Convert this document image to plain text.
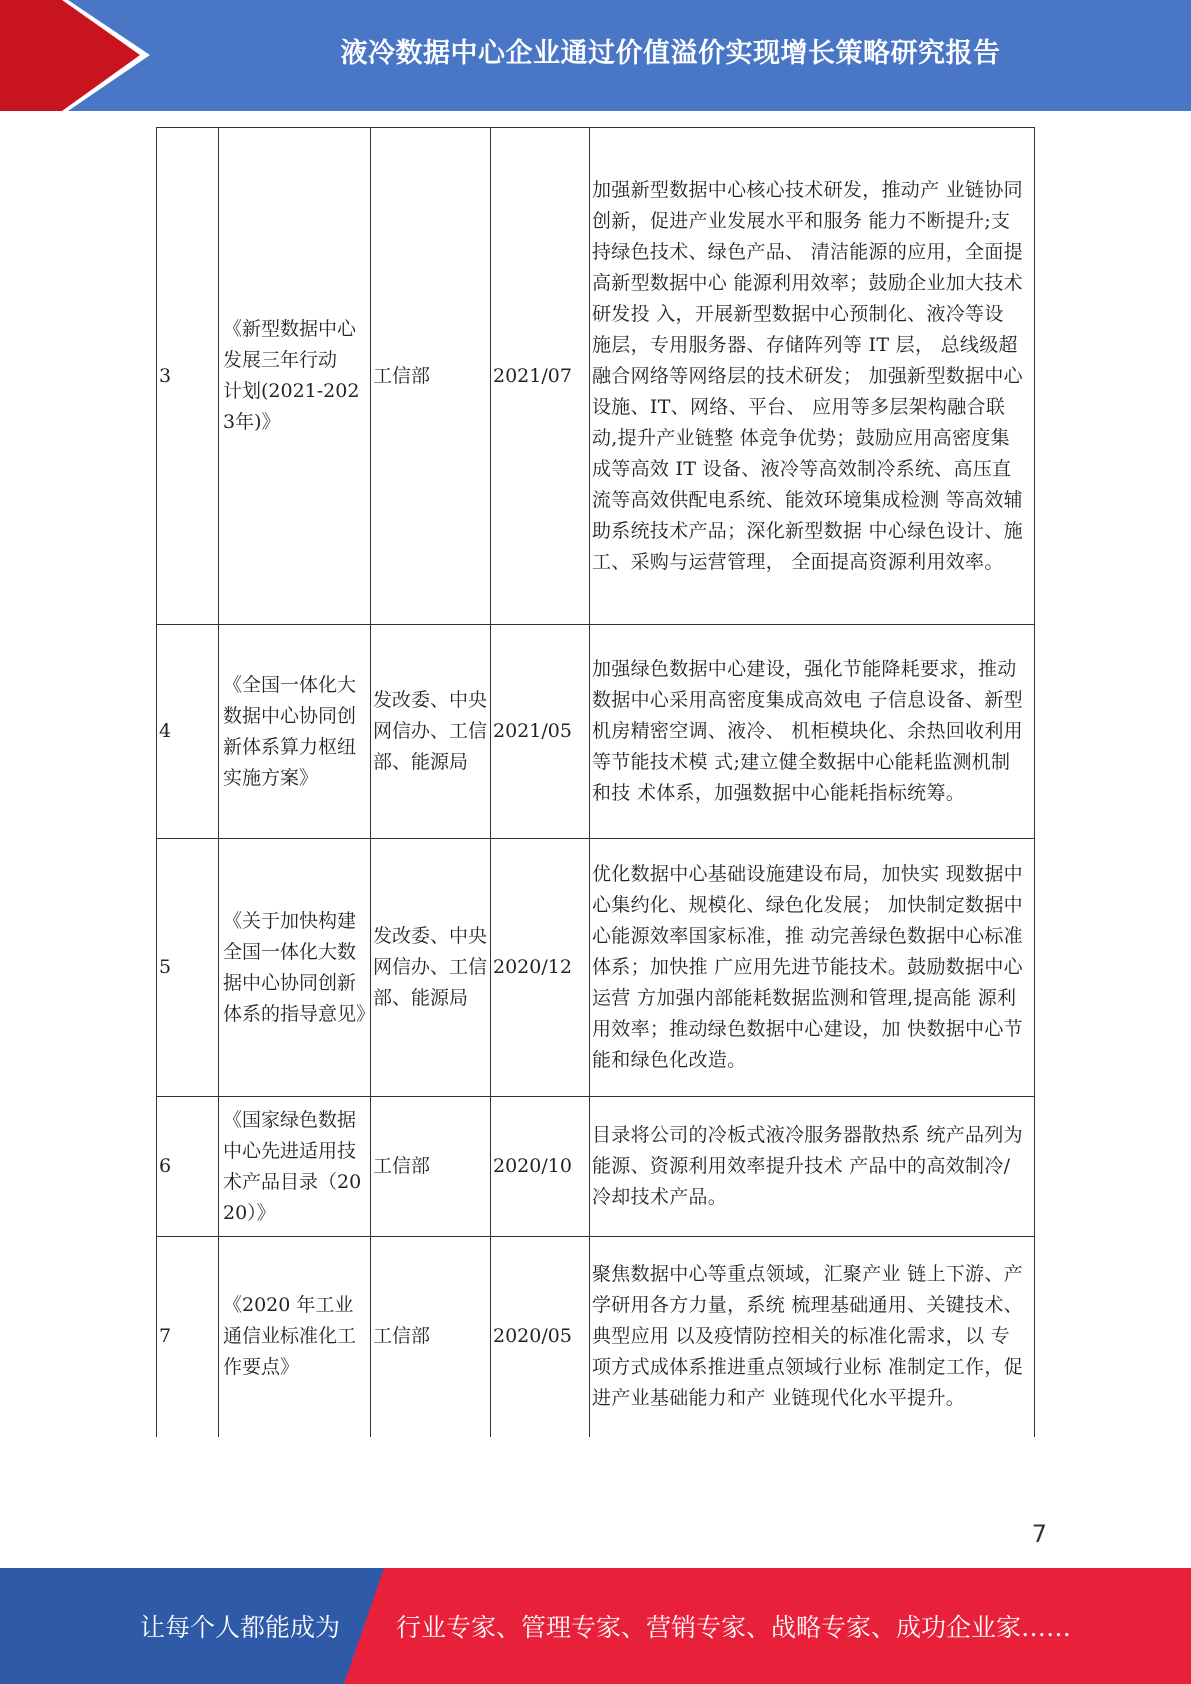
液冷数据中心企业通过价值溢价实现增长策略研究报告
3	《新型数据中心发展三年行动　计划(2021-2023年)》	工信部	2021/07	加强新型数据中心核心技术研发，推动产 业链协同创新，促进产业发展水平和服务 能力不断提升;支持绿色技术、绿色产品、 清洁能源的应用，全面提高新型数据中心 能源利用效率；鼓励企业加大技术研发投 入，开展新型数据中心预制化、液冷等设 施层，专用服务器、存储阵列等 IT 层， 总线级超融合网络等网络层的技术研发； 加强新型数据中心设施、IT、网络、平台、 应用等多层架构融合联动,提升产业链整 体竞争优势；鼓励应用高密度集成等高效 IT 设备、液冷等高效制冷系统、高压直 流等高效供配电系统、能效环境集成检测 等高效辅助系统技术产品；深化新型数据 中心绿色设计、施工、采购与运营管理， 全面提高资源利用效率。
4	《全国一体化大数据中心协同创新体系算力枢纽实施方案》	发改委、中央网信办、工信部、能源局	2021/05	加强绿色数据中心建设，强化节能降耗要求，推动数据中心采用高密度集成高效电 子信息设备、新型机房精密空调、液冷、 机柜模块化、余热回收利用等节能技术模 式;建立健全数据中心能耗监测机制和技 术体系，加强数据中心能耗指标统筹。
5	《关于加快构建全国一体化大数据中心协同创新体系的指导意见》	发改委、中央网信办、工信部、能源局	2020/12	优化数据中心基础设施建设布局，加快实 现数据中心集约化、规模化、绿色化发展； 加快制定数据中心能源效率国家标准，推 动完善绿色数据中心标准体系；加快推 广应用先进节能技术。鼓励数据中心运营 方加强内部能耗数据监测和管理,提高能 源利用效率；推动绿色数据中心建设，加 快数据中心节能和绿色化改造。
6	《国家绿色数据中心先进适用技术产品目录（2020）》	工信部	2020/10	目录将公司的冷板式液冷服务器散热系 统产品列为能源、资源利用效率提升技术 产品中的高效制冷/冷却技术产品。
7	《2020 年工业通信业标准化工作要点》	工信部	2020/05	聚焦数据中心等重点领域，汇聚产业 链上下游、产学研用各方力量，系统 梳理基础通用、关键技术、典型应用 以及疫情防控相关的标准化需求，以 专项方式成体系推进重点领域行业标 准制定工作，促进产业基础能力和产 业链现代化水平提升。
7
让每个人都能成为 行业专家、管理专家、营销专家、战略专家、成功企业家……
